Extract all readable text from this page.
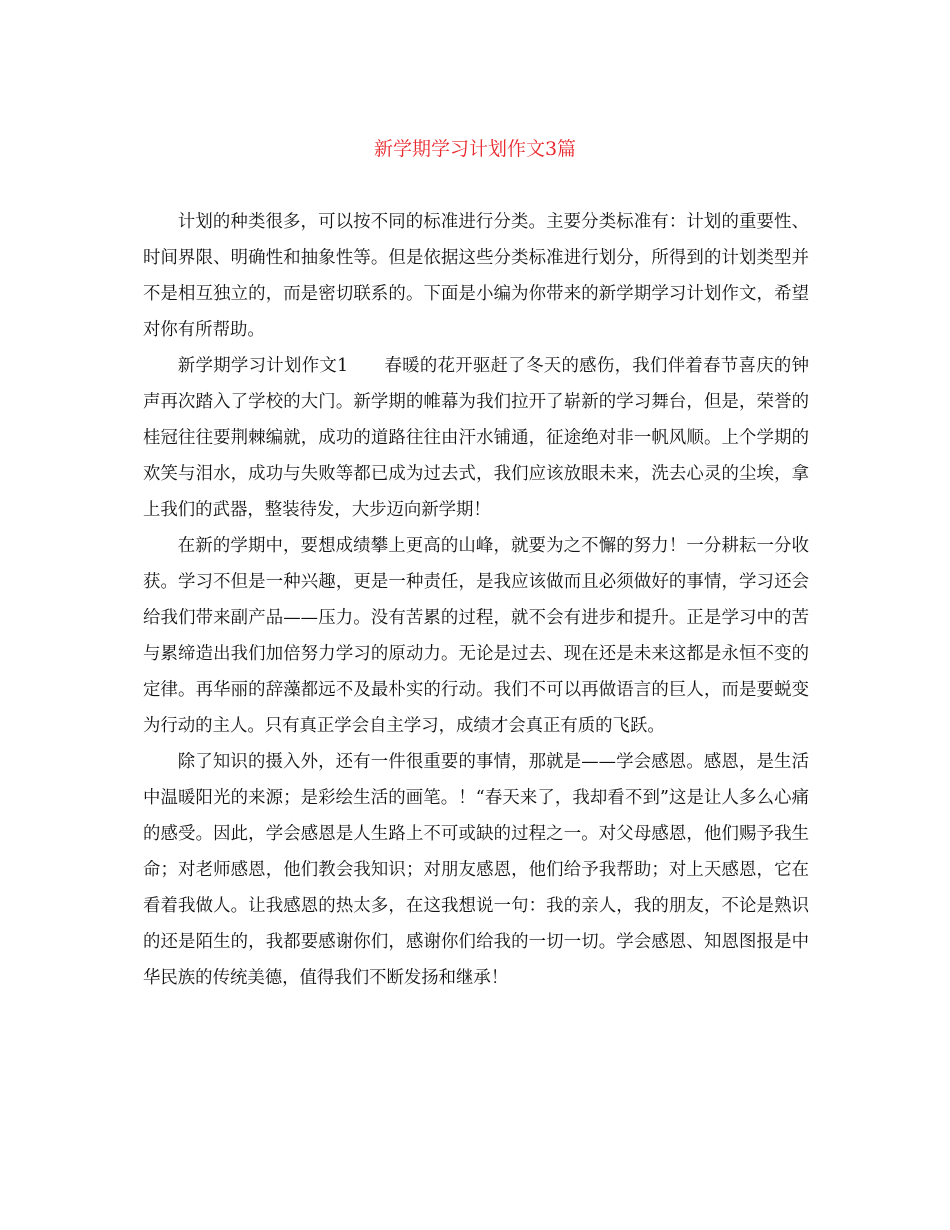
新学期学习计划作文3篇

计划的种类很多，可以按不同的标准进行分类。主要分类标准有：计划的重要性、时间界限、明确性和抽象性等。但是依据这些分类标准进行划分，所得到的计划类型并不是相互独立的，而是密切联系的。下面是小编为你带来的新学期学习计划作文，希望对你有所帮助。

新学期学习计划作文1 春暖的花开驱赶了冬天的感伤，我们伴着春节喜庆的钟声再次踏入了学校的大门。新学期的帷幕为我们拉开了崭新的学习舞台，但是，荣誉的桂冠往往要荆棘编就，成功的道路往往由汗水铺通，征途绝对非一帆风顺。上个学期的欢笑与泪水，成功与失败等都已成为过去式，我们应该放眼未来，洗去心灵的尘埃，拿上我们的武器，整装待发，大步迈向新学期！

在新的学期中，要想成绩攀上更高的山峰，就要为之不懈的努力！一分耕耘一分收获。学习不但是一种兴趣，更是一种责任，是我应该做而且必须做好的事情，学习还会给我们带来副产品——压力。没有苦累的过程，就不会有进步和提升。正是学习中的苦与累缔造出我们加倍努力学习的原动力。无论是过去、现在还是未来这都是永恒不变的定律。再华丽的辞藻都远不及最朴实的行动。我们不可以再做语言的巨人，而是要蜕变为行动的主人。只有真正学会自主学习，成绩才会真正有质的飞跃。

除了知识的摄入外，还有一件很重要的事情，那就是——学会感恩。感恩，是生活中温暖阳光的来源；是彩绘生活的画笔。！“春天来了，我却看不到”这是让人多么心痛的感受。因此，学会感恩是人生路上不可或缺的过程之一。对父母感恩，他们赐予我生命；对老师感恩，他们教会我知识；对朋友感恩，他们给予我帮助；对上天感恩，它在看着我做人。让我感恩的热太多，在这我想说一句：我的亲人，我的朋友，不论是熟识的还是陌生的，我都要感谢你们，感谢你们给我的一切一切。学会感恩、知恩图报是中华民族的传统美德，值得我们不断发扬和继承！
